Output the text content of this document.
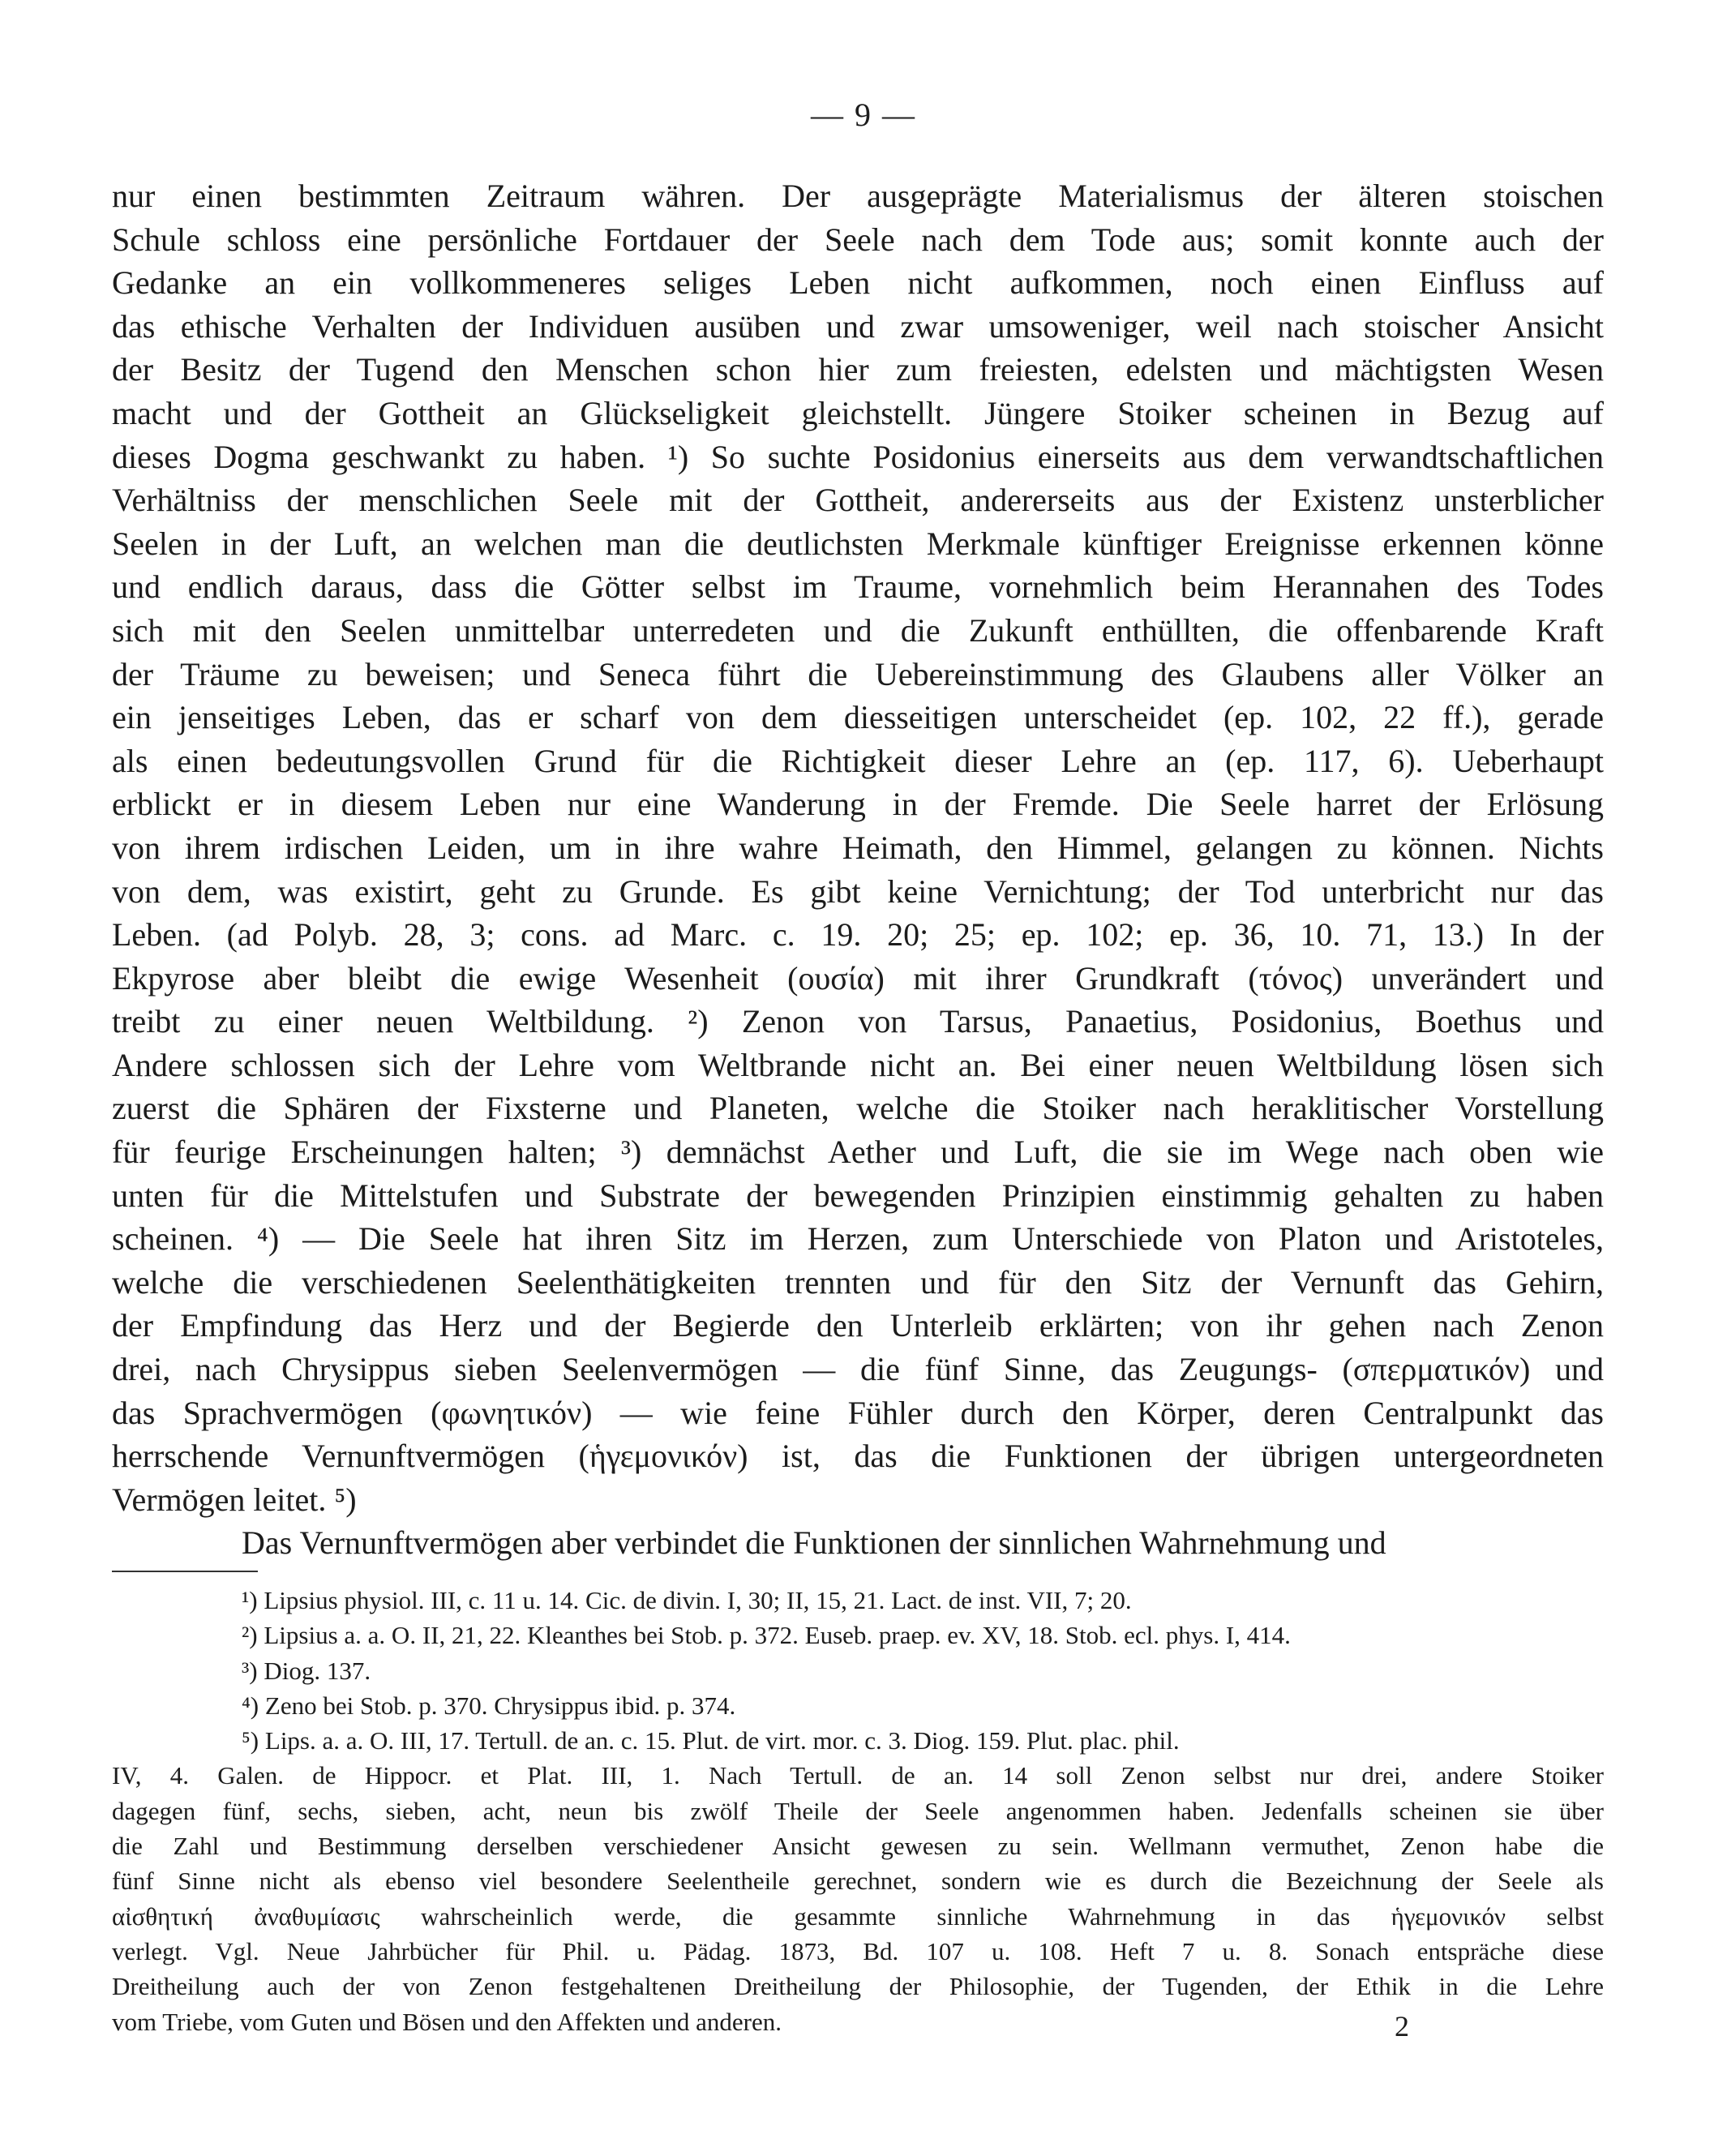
— 9 —
nur einen bestimmten Zeitraum währen. Der ausgeprägte Materialismus der älteren stoischen
Schule schloss eine persönliche Fortdauer der Seele nach dem Tode aus; somit konnte auch der
Gedanke an ein vollkommeneres seliges Leben nicht aufkommen, noch einen Einfluss auf
das ethische Verhalten der Individuen ausüben und zwar umsoweniger, weil nach stoischer Ansicht
der Besitz der Tugend den Menschen schon hier zum freiesten, edelsten und mächtigsten Wesen
macht und der Gottheit an Glückseligkeit gleichstellt. Jüngere Stoiker scheinen in Bezug auf
dieses Dogma geschwankt zu haben. ¹) So suchte Posidonius einerseits aus dem verwandtschaftlichen
Verhältniss der menschlichen Seele mit der Gottheit, andererseits aus der Existenz unsterblicher
Seelen in der Luft, an welchen man die deutlichsten Merkmale künftiger Ereignisse erkennen könne
und endlich daraus, dass die Götter selbst im Traume, vornehmlich beim Herannahen des Todes
sich mit den Seelen unmittelbar unterredeten und die Zukunft enthüllten, die offenbarende Kraft
der Träume zu beweisen; und Seneca führt die Uebereinstimmung des Glaubens aller Völker an
ein jenseitiges Leben, das er scharf von dem diesseitigen unterscheidet (ep. 102, 22 ff.), gerade
als einen bedeutungsvollen Grund für die Richtigkeit dieser Lehre an (ep. 117, 6). Ueberhaupt
erblickt er in diesem Leben nur eine Wanderung in der Fremde. Die Seele harret der Erlösung
von ihrem irdischen Leiden, um in ihre wahre Heimath, den Himmel, gelangen zu können. Nichts
von dem, was existirt, geht zu Grunde. Es gibt keine Vernichtung; der Tod unterbricht nur das
Leben. (ad Polyb. 28, 3; cons. ad Marc. c. 19. 20; 25; ep. 102; ep. 36, 10. 71, 13.) In der
Ekpyrose aber bleibt die ewige Wesenheit (ουσία) mit ihrer Grundkraft (τόνος) unverändert und
treibt zu einer neuen Weltbildung. ²) Zenon von Tarsus, Panaetius, Posidonius, Boethus und
Andere schlossen sich der Lehre vom Weltbrande nicht an. Bei einer neuen Weltbildung lösen sich
zuerst die Sphären der Fixsterne und Planeten, welche die Stoiker nach heraklitischer Vorstellung
für feurige Erscheinungen halten; ³) demnächst Aether und Luft, die sie im Wege nach oben wie
unten für die Mittelstufen und Substrate der bewegenden Prinzipien einstimmig gehalten zu haben
scheinen. ⁴) — Die Seele hat ihren Sitz im Herzen, zum Unterschiede von Platon und Aristoteles,
welche die verschiedenen Seelenthätigkeiten trennten und für den Sitz der Vernunft das Gehirn,
der Empfindung das Herz und der Begierde den Unterleib erklärten; von ihr gehen nach Zenon
drei, nach Chrysippus sieben Seelenvermögen — die fünf Sinne, das Zeugungs- (σπερματικόν) und
das Sprachvermögen (φωνητικόν) — wie feine Fühler durch den Körper, deren Centralpunkt das
herrschende Vernunftvermögen (ἡγεμονικόν) ist, das die Funktionen der übrigen untergeordneten
Vermögen leitet. ⁵)
Das Vernunftvermögen aber verbindet die Funktionen der sinnlichen Wahrnehmung und
¹) Lipsius physiol. III, c. 11 u. 14. Cic. de divin. I, 30; II, 15, 21. Lact. de inst. VII, 7; 20.
²) Lipsius a. a. O. II, 21, 22. Kleanthes bei Stob. p. 372. Euseb. praep. ev. XV, 18. Stob. ecl. phys. I, 414.
³) Diog. 137.
⁴) Zeno bei Stob. p. 370. Chrysippus ibid. p. 374.
⁵) Lips. a. a. O. III, 17. Tertull. de an. c. 15. Plut. de virt. mor. c. 3. Diog. 159. Plut. plac. phil.
IV, 4. Galen. de Hippocr. et Plat. III, 1. Nach Tertull. de an. 14 soll Zenon selbst nur drei, andere Stoiker
dagegen fünf, sechs, sieben, acht, neun bis zwölf Theile der Seele angenommen haben. Jedenfalls scheinen sie über
die Zahl und Bestimmung derselben verschiedener Ansicht gewesen zu sein. Wellmann vermuthet, Zenon habe die
fünf Sinne nicht als ebenso viel besondere Seelentheile gerechnet, sondern wie es durch die Bezeichnung der Seele als
αἰσθητική ἀναθυμίασις wahrscheinlich werde, die gesammte sinnliche Wahrnehmung in das ἡγεμονικόν selbst
verlegt. Vgl. Neue Jahrbücher für Phil. u. Pädag. 1873, Bd. 107 u. 108. Heft 7 u. 8. Sonach entspräche diese
Dreitheilung auch der von Zenon festgehaltenen Dreitheilung der Philosophie, der Tugenden, der Ethik in die Lehre
vom Triebe, vom Guten und Bösen und den Affekten und anderen.	2
